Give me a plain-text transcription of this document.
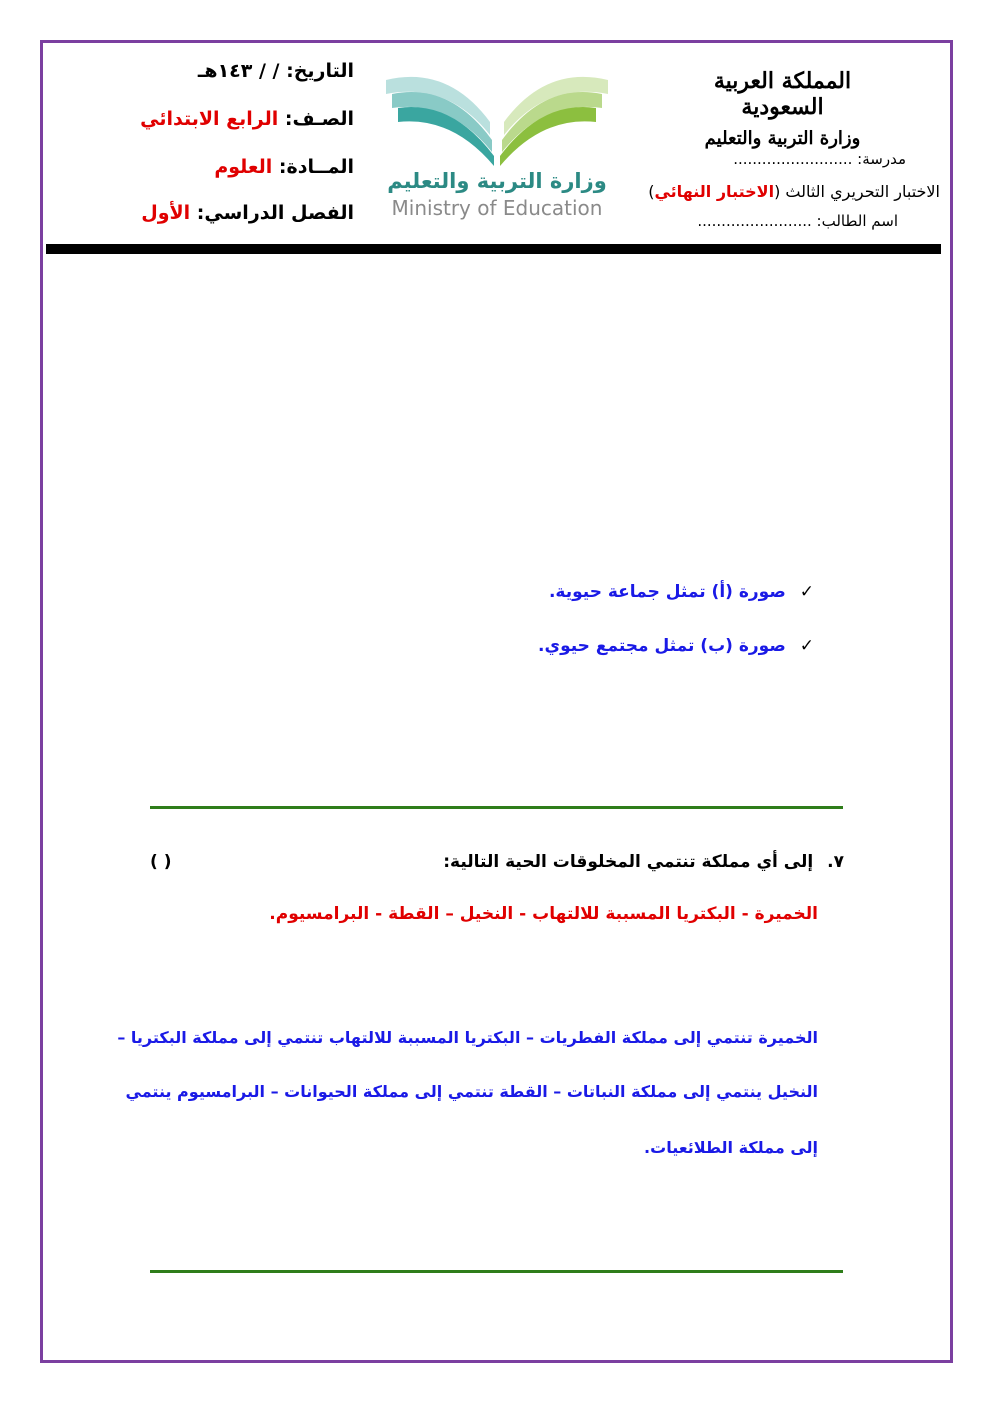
المملكة العربية السعودية
وزارة التربية والتعليم
مدرسة: .........................
الاختبار التحريري الثالث (الاختبار النهائي)
اسم الطالب: ........................
وزارة التربية والتعليم
Ministry of Education
التاريخ: / / ١٤٣هـ
الصـف: الرابع الابتدائي
المــادة: العلوم
الفصل الدراسي: الأول
✓صورة (أ) تمثل جماعة حيوية.
✓صورة (ب) تمثل مجتمع حيوي.
٧. إلى أي مملكة تنتمي المخلوقات الحية التالية:
( )
الخميرة - البكتريا المسببة للالتهاب - النخيل – القطة - البرامسيوم.
الخميرة تنتمي إلى مملكة الفطريات – البكتريا المسببة للالتهاب تنتمي إلى مملكة البكتريا –
النخيل ينتمي إلى مملكة النباتات – القطة تنتمي إلى مملكة الحيوانات – البرامسيوم ينتمي
إلى مملكة الطلائعيات.
